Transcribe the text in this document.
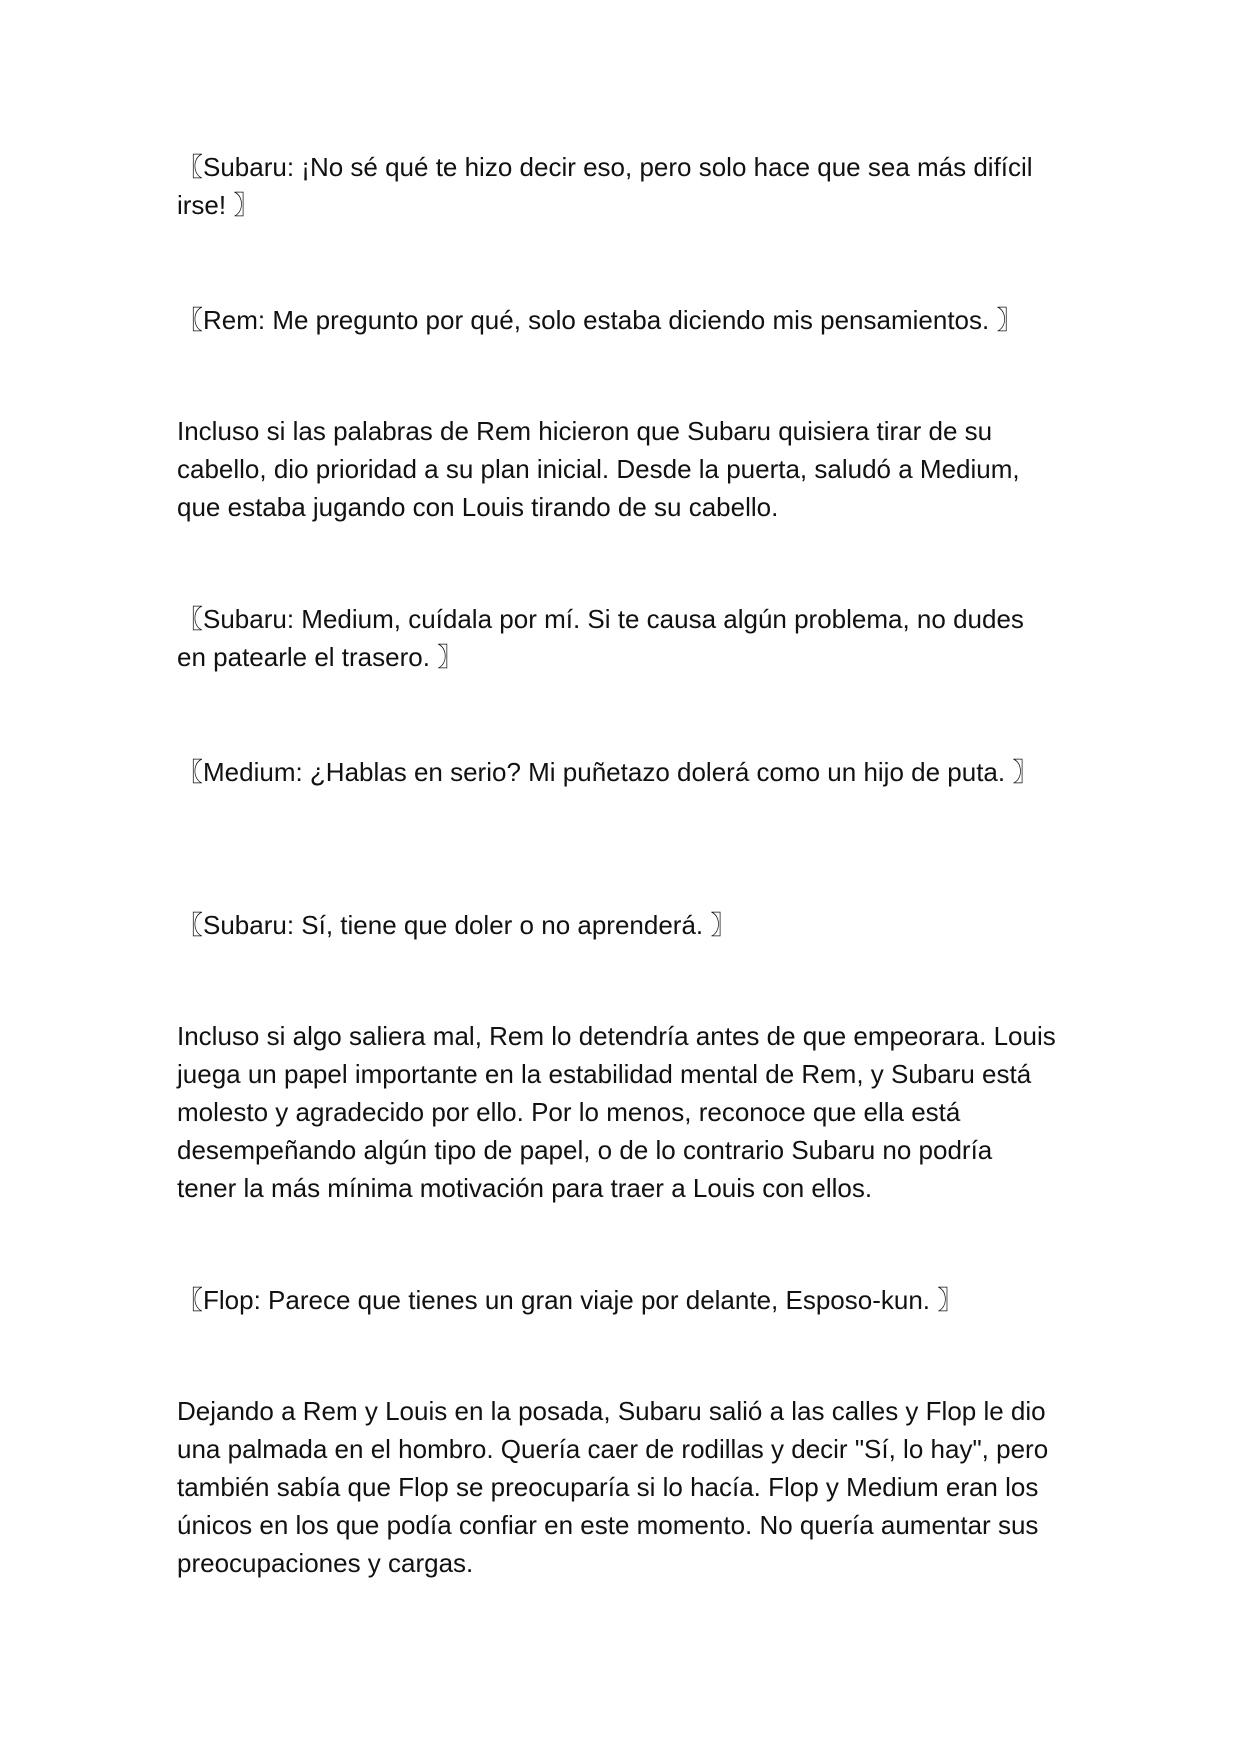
〖Subaru: ¡No sé qué te hizo decir eso, pero solo hace que sea más difícil irse! 〗

〖Rem: Me pregunto por qué, solo estaba diciendo mis pensamientos. 〗

Incluso si las palabras de Rem hicieron que Subaru quisiera tirar de su cabello, dio prioridad a su plan inicial. Desde la puerta, saludó a Medium, que estaba jugando con Louis tirando de su cabello.

〖Subaru: Medium, cuídala por mí. Si te causa algún problema, no dudes en patearle el trasero. 〗

〖Medium: ¿Hablas en serio? Mi puñetazo dolerá como un hijo de puta. 〗

〖Subaru: Sí, tiene que doler o no aprenderá. 〗

Incluso si algo saliera mal, Rem lo detendría antes de que empeorara. Louis juega un papel importante en la estabilidad mental de Rem, y Subaru está molesto y agradecido por ello. Por lo menos, reconoce que ella está desempeñando algún tipo de papel, o de lo contrario Subaru no podría tener la más mínima motivación para traer a Louis con ellos.

〖Flop: Parece que tienes un gran viaje por delante, Esposo-kun. 〗

Dejando a Rem y Louis en la posada, Subaru salió a las calles y Flop le dio una palmada en el hombro. Quería caer de rodillas y decir "Sí, lo hay", pero también sabía que Flop se preocuparía si lo hacía. Flop y Medium eran los únicos en los que podía confiar en este momento. No quería aumentar sus preocupaciones y cargas.
